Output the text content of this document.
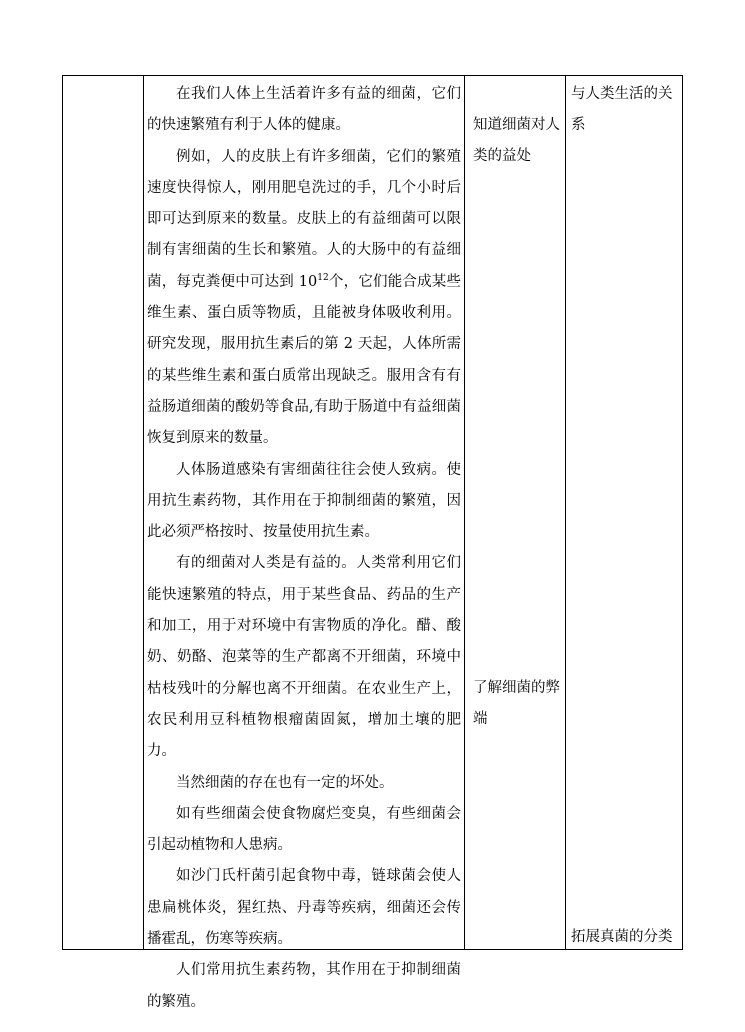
在我们人体上生活着许多有益的细菌，它们的快速繁殖有利于人体的健康。

例如，人的皮肤上有许多细菌，它们的繁殖速度快得惊人，刚用肥皂洗过的手，几个小时后即可达到原来的数量。皮肤上的有益细菌可以限制有害细菌的生长和繁殖。人的大肠中的有益细菌，每克粪便中可达到 $10^{12}$个，它们能合成某些维生素、蛋白质等物质，且能被身体吸收利用。研究发现，服用抗生素后的第 2 天起，人体所需的某些维生素和蛋白质常出现缺乏。服用含有有益肠道细菌的酸奶等食品,有助于肠道中有益细菌恢复到原来的数量。

人体肠道感染有害细菌往往会使人致病。使用抗生素药物，其作用在于抑制细菌的繁殖，因此必须严格按时、按量使用抗生素。

有的细菌对人类是有益的。人类常利用它们能快速繁殖的特点，用于某些食品、药品的生产和加工，用于对环境中有害物质的净化。醋、酸奶、奶酪、泡菜等的生产都离不开细菌，环境中枯枝残叶的分解也离不开细菌。在农业生产上，农民利用豆科植物根瘤菌固氮，增加土壤的肥力。

当然细菌的存在也有一定的坏处。

如有些细菌会使食物腐烂变臭，有些细菌会引起动植物和人患病。

如沙门氏杆菌引起食物中毒，链球菌会使人患扁桃体炎，猩红热、丹毒等疾病，细菌还会传播霍乱，伤寒等疾病。

人们常用抗生素药物，其作用在于抑制细菌的繁殖。

知道细菌对人类的益处
了解细菌的弊端
与人类生活的关系
拓展真菌的分类
